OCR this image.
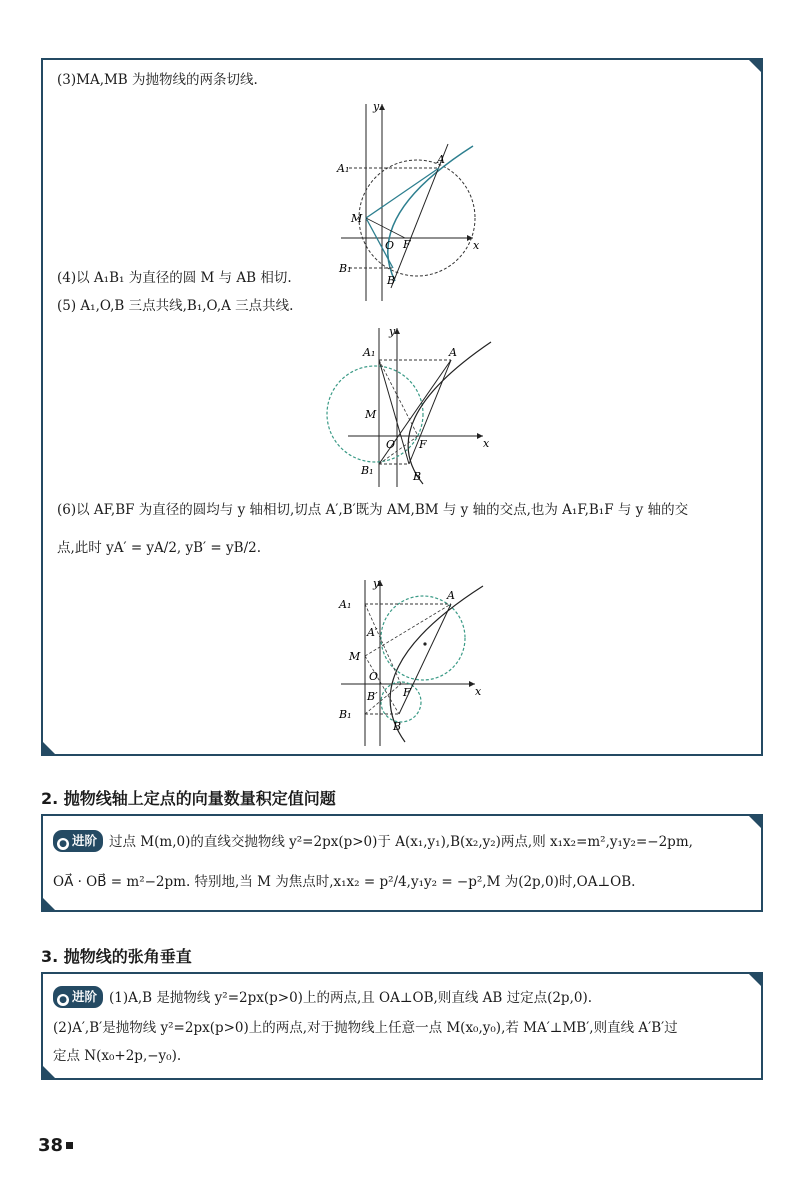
(3)MA,MB 为抛物线的两条切线.
y
x
A₁
A
M
O F
B₁
B
(4)以 A₁B₁ 为直径的圆 M 与 AB 相切.
(5) A₁,O,B 三点共线,B₁,O,A 三点共线.
y
x
A₁	A
M
O F
B₁	B
(6)以 AF,BF 为直径的圆均与 y 轴相切,切点 A′,B′既为 AM,BM 与 y 轴的交点,也为 A₁F,B₁F 与 y 轴的交
点,此时 yA′ = yA/2, yB′ = yB/2.
y
x
A₁
A
A′
M
O
B′ F
B₁
B
2. 抛物线轴上定点的向量数量积定值问题
● 进阶 过点 M(m,0)的直线交抛物线 y²=2px(p>0)于 A(x₁,y₁),B(x₂,y₂)两点,则 x₁x₂=m²,y₁y₂=−2pm,
OA⃗ · OB⃗ = m²−2pm. 特别地,当 M 为焦点时,x₁x₂ = p²/4,y₁y₂ = −p²,M 为(2p,0)时,OA⊥OB.
3. 抛物线的张角垂直
● 进阶 (1)A,B 是抛物线 y²=2px(p>0)上的两点,且 OA⊥OB,则直线 AB 过定点(2p,0).
(2)A′,B′是抛物线 y²=2px(p>0)上的两点,对于抛物线上任意一点 M(x₀,y₀),若 MA′⊥MB′,则直线 A′B′过
定点 N(x₀+2p,−y₀).
38
